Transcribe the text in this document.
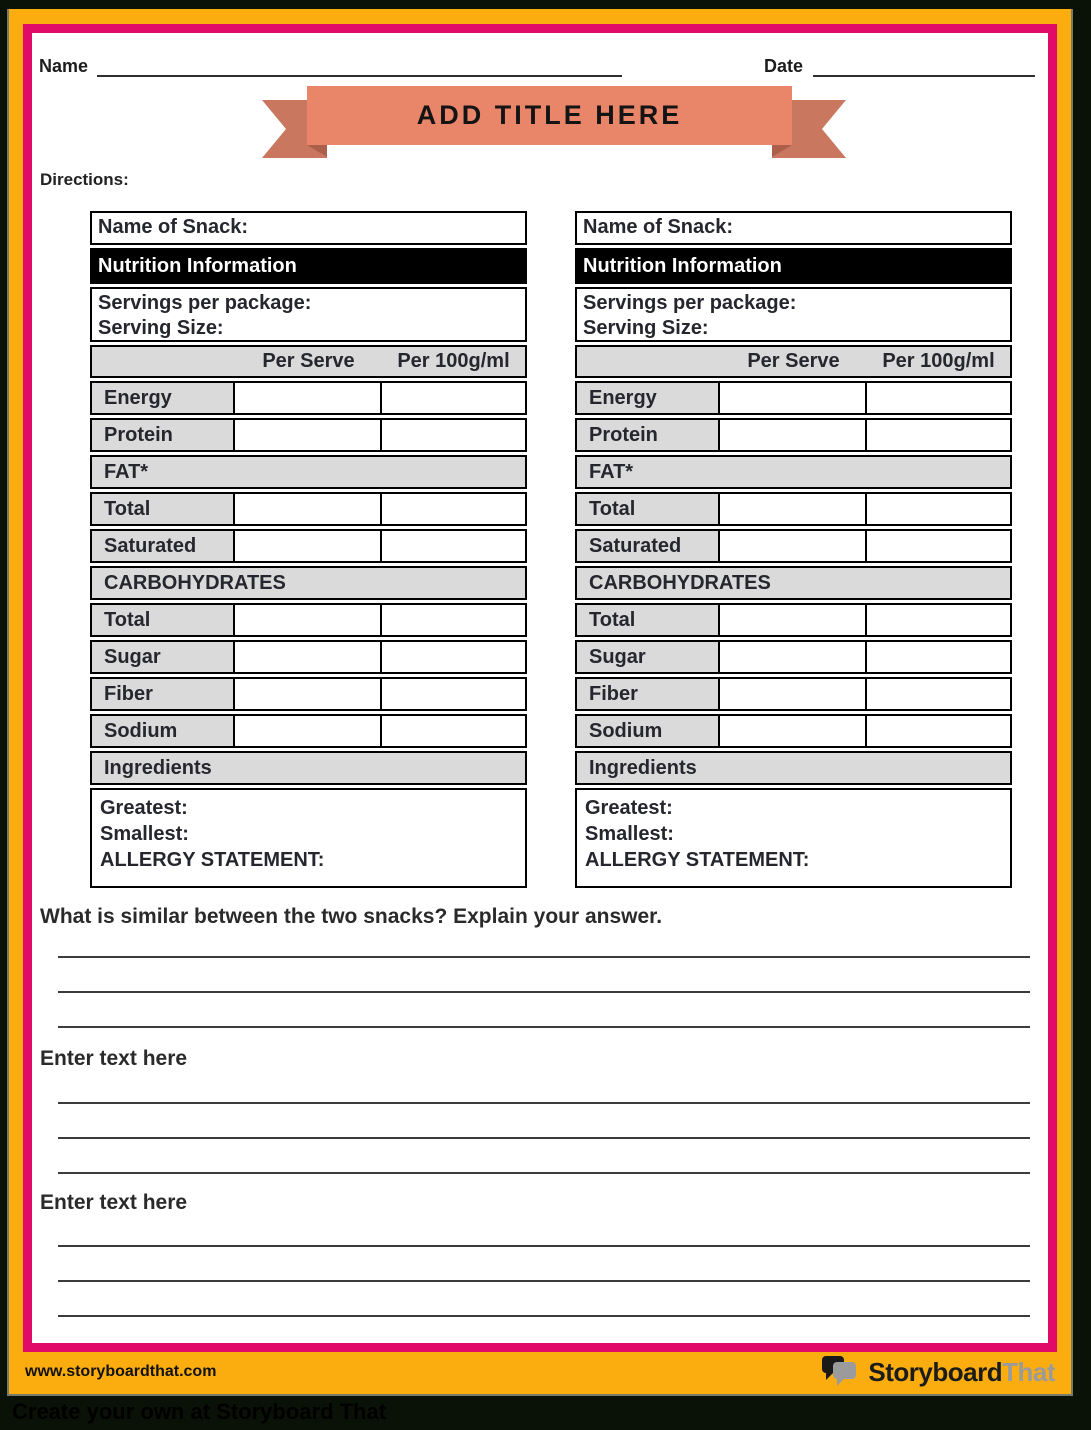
Name	Date
ADD TITLE HERE
Directions:
Name of Snack:
Nutrition Information
Servings per package:
Serving Size:
Per Serve	Per 100g/ml
Energy
Protein
FAT*
Total
Saturated
CARBOHYDRATES
Total
Sugar
Fiber
Sodium
Ingredients
Greatest:
Smallest:
ALLERGY STATEMENT:
Name of Snack:
Nutrition Information
Servings per package:
Serving Size:
Per Serve	Per 100g/ml
Energy
Protein
FAT*
Total
Saturated
CARBOHYDRATES
Total
Sugar
Fiber
Sodium
Ingredients
Greatest:
Smallest:
ALLERGY STATEMENT:
What is similar between the two snacks? Explain your answer.
Enter text here
Enter text here
www.storyboardthat.com	StoryboardThat
Create your own at Storyboard That
